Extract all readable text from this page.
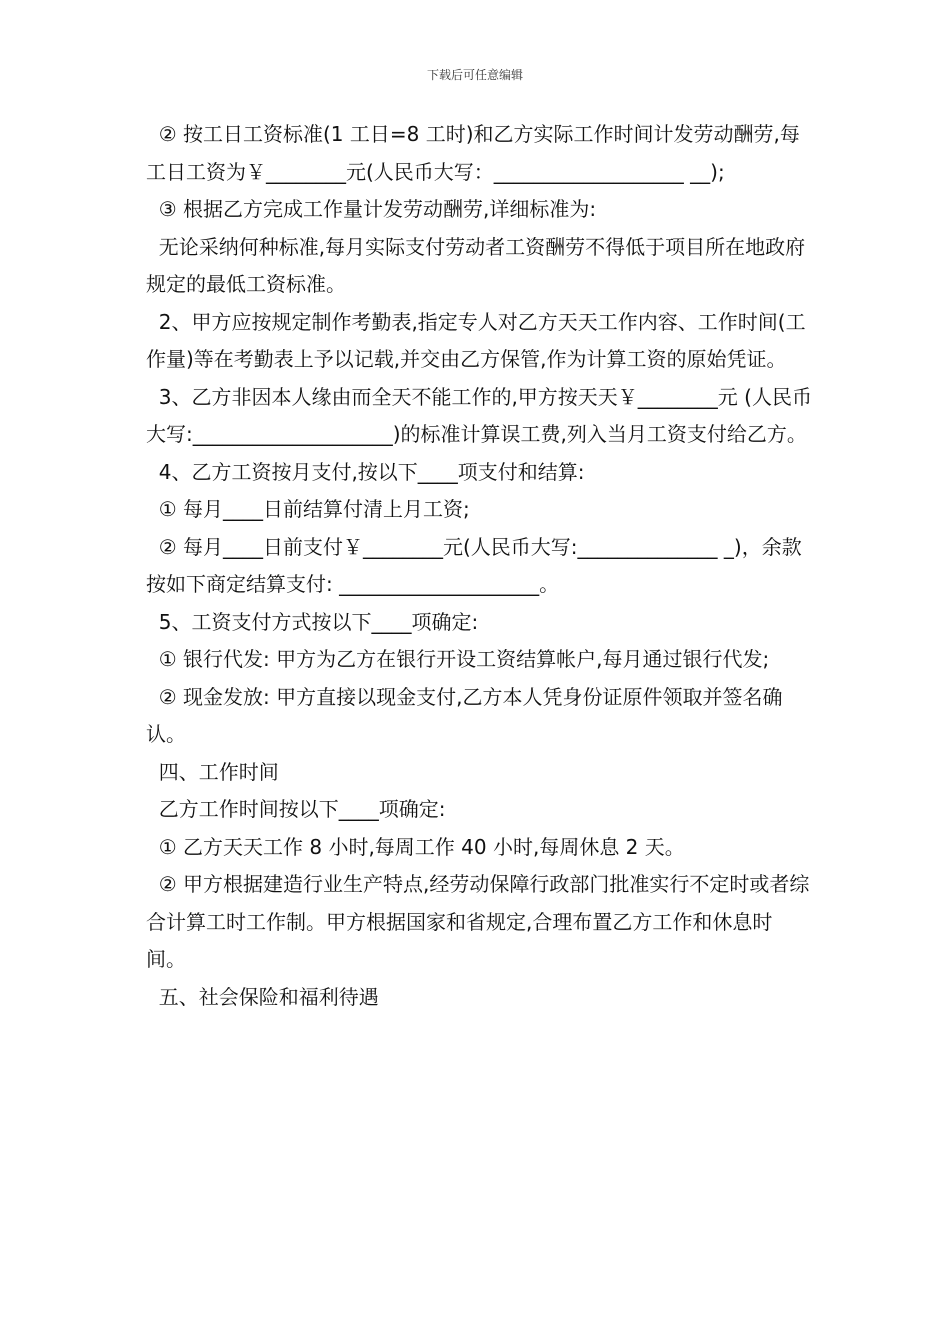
下载后可任意编辑

② 按工日工资标准(1 工日=8 工时)和乙方实际工作时间计发劳动酬劳,每工日工资为￥________元(人民币大写：___________________ __);

③ 根据乙方完成工作量计发劳动酬劳,详细标准为:

无论采纳何种标准,每月实际支付劳动者工资酬劳不得低于项目所在地政府规定的最低工资标准。

2、甲方应按规定制作考勤表,指定专人对乙方天天工作内容、工作时间(工作量)等在考勤表上予以记载,并交由乙方保管,作为计算工资的原始凭证。

3、乙方非因本人缘由而全天不能工作的,甲方按天天￥________元 (人民币大写:____________________)的标准计算误工费,列入当月工资支付给乙方。

4、乙方工资按月支付,按以下____项支付和结算:

① 每月____日前结算付清上月工资;

② 每月____日前支付￥________元(人民币大写:______________ _)，余款按如下商定结算支付: ____________________。

5、工资支付方式按以下____项确定:

① 银行代发: 甲方为乙方在银行开设工资结算帐户,每月通过银行代发;

② 现金发放: 甲方直接以现金支付,乙方本人凭身份证原件领取并签名确认。

四、工作时间

乙方工作时间按以下____项确定:

① 乙方天天工作 8 小时,每周工作 40 小时,每周休息 2 天。

② 甲方根据建造行业生产特点,经劳动保障行政部门批准实行不定时或者综合计算工时工作制。甲方根据国家和省规定,合理布置乙方工作和休息时间。

五、社会保险和福利待遇
